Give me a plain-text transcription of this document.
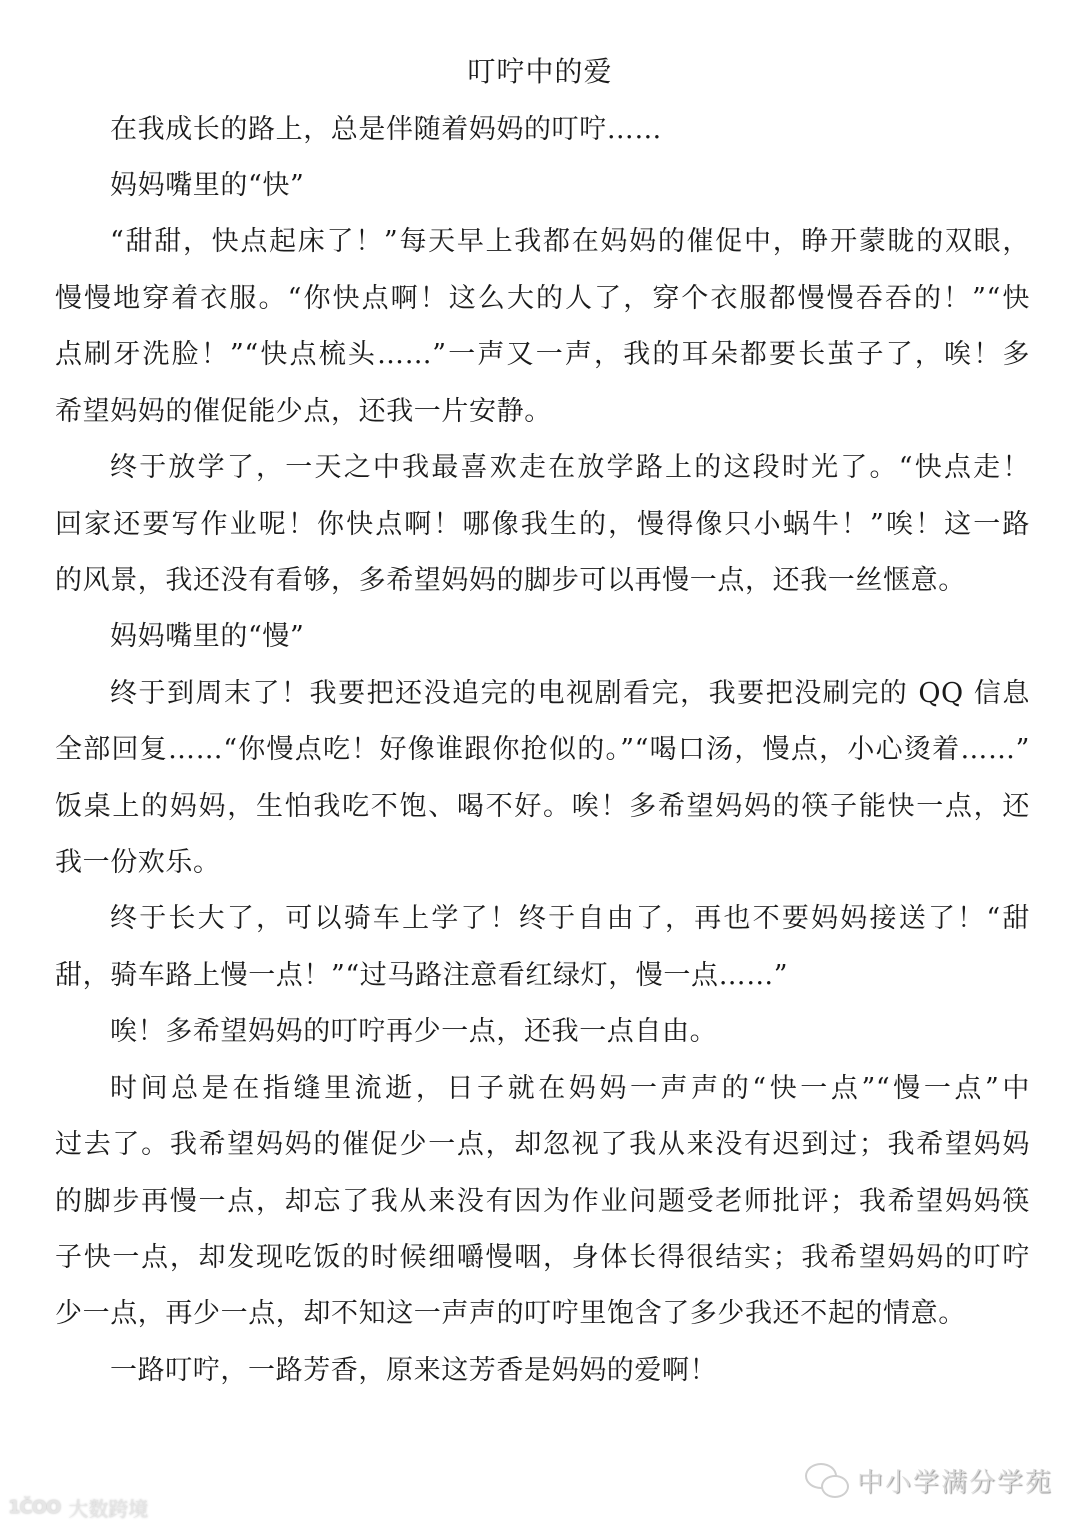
叮咛中的爱
在我成长的路上，总是伴随着妈妈的叮咛……
妈妈嘴里的“快”
“甜甜，快点起床了！”每天早上我都在妈妈的催促中，睁开蒙眬的双眼，
慢慢地穿着衣服。“你快点啊！这么大的人了，穿个衣服都慢慢吞吞的！”“快
点刷牙洗脸！”“快点梳头……”一声又一声，我的耳朵都要长茧子了，唉！多
希望妈妈的催促能少点，还我一片安静。
终于放学了，一天之中我最喜欢走在放学路上的这段时光了。“快点走！
回家还要写作业呢！你快点啊！哪像我生的，慢得像只小蜗牛！”唉！这一路
的风景，我还没有看够，多希望妈妈的脚步可以再慢一点，还我一丝惬意。
妈妈嘴里的“慢”
终于到周末了！我要把还没追完的电视剧看完，我要把没刷完的 QQ 信息
全部回复……“你慢点吃！好像谁跟你抢似的。”“喝口汤，慢点，小心烫着……”
饭桌上的妈妈，生怕我吃不饱、喝不好。唉！多希望妈妈的筷子能快一点，还
我一份欢乐。
终于长大了，可以骑车上学了！终于自由了，再也不要妈妈接送了！“甜
甜，骑车路上慢一点！”“过马路注意看红绿灯，慢一点……”
唉！多希望妈妈的叮咛再少一点，还我一点自由。
时间总是在指缝里流逝，日子就在妈妈一声声的“快一点”“慢一点”中
过去了。我希望妈妈的催促少一点，却忽视了我从来没有迟到过；我希望妈妈
的脚步再慢一点，却忘了我从来没有因为作业问题受老师批评；我希望妈妈筷
子快一点，却发现吃饭的时候细嚼慢咽，身体长得很结实；我希望妈妈的叮咛
少一点，再少一点，却不知这一声声的叮咛里饱含了多少我还不起的情意。
一路叮咛，一路芳香，原来这芳香是妈妈的爱啊！
1ČOO 大数跨境
中小学满分学苑
